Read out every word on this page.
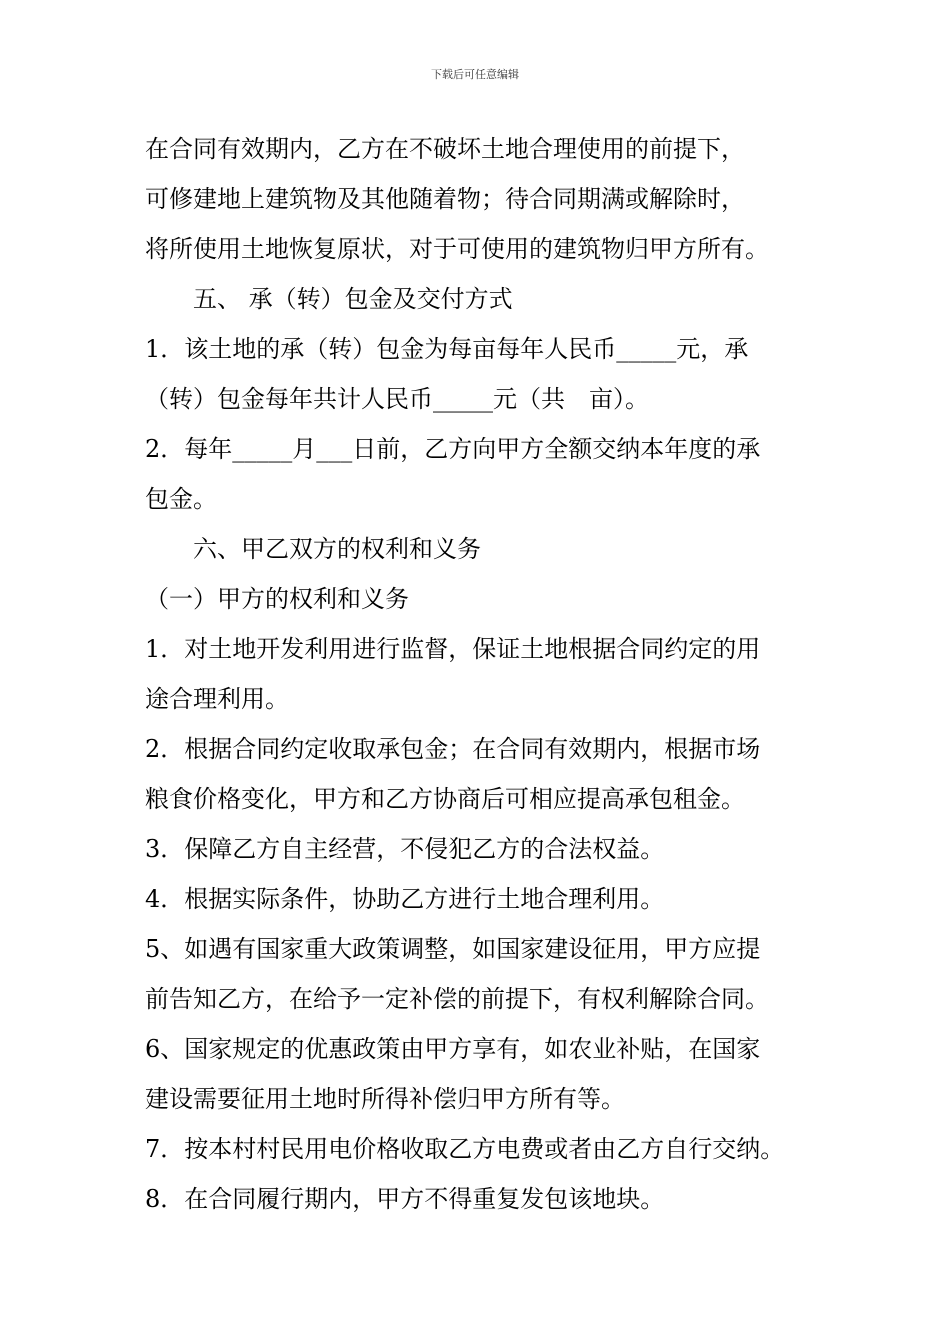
下载后可任意编辑
在合同有效期内，乙方在不破坏土地合理使用的前提下，
可修建地上建筑物及其他随着物；待合同期满或解除时，
将所使用土地恢复原状，对于可使用的建筑物归甲方所有。
五、 承（转）包金及交付方式
1．该土地的承（转）包金为每亩每年人民币_____元，承
（转）包金每年共计人民币_____元（共　亩）。
2．每年_____月___日前，乙方向甲方全额交纳本年度的承
包金。
六、甲乙双方的权利和义务
（一）甲方的权利和义务
1．对土地开发利用进行监督，保证土地根据合同约定的用
途合理利用。
2．根据合同约定收取承包金；在合同有效期内，根据市场
粮食价格变化，甲方和乙方协商后可相应提高承包租金。
3．保障乙方自主经营，不侵犯乙方的合法权益。
4．根据实际条件，协助乙方进行土地合理利用。
5、如遇有国家重大政策调整，如国家建设征用，甲方应提
前告知乙方，在给予一定补偿的前提下，有权利解除合同。
6、国家规定的优惠政策由甲方享有，如农业补贴，在国家
建设需要征用土地时所得补偿归甲方所有等。
7．按本村村民用电价格收取乙方电费或者由乙方自行交纳。
8．在合同履行期内，甲方不得重复发包该地块。
